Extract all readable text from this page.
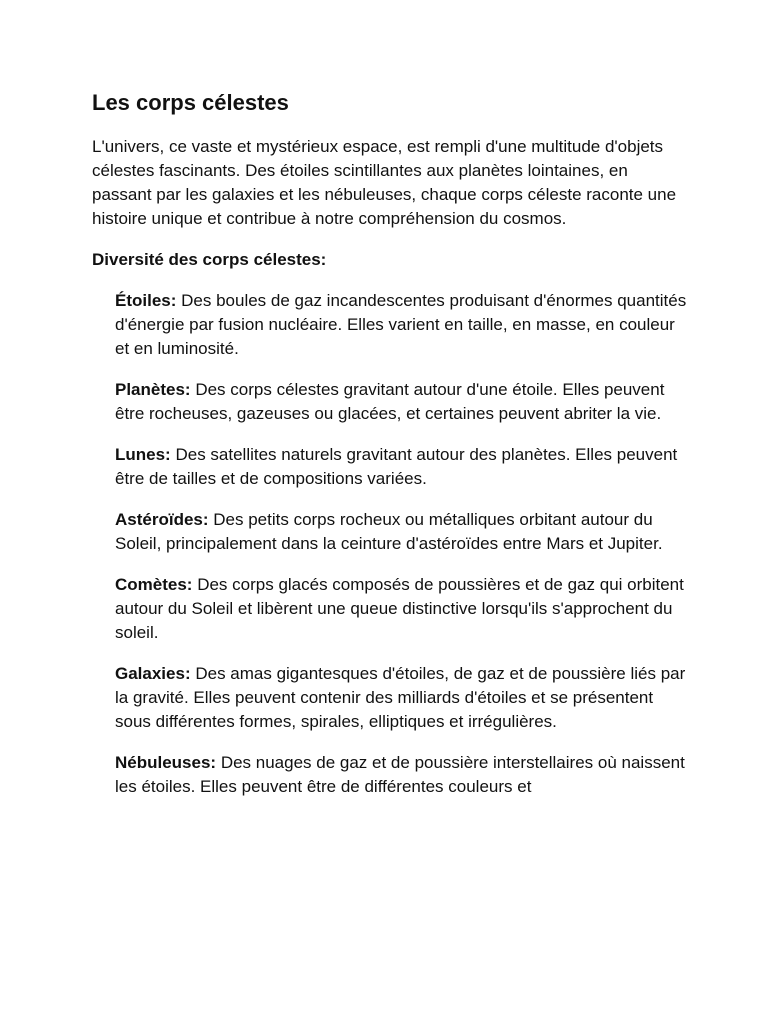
Les corps célestes

L'univers, ce vaste et mystérieux espace, est rempli d'une multitude d'objets célestes fascinants. Des étoiles scintillantes aux planètes lointaines, en passant par les galaxies et les nébuleuses, chaque corps céleste raconte une histoire unique et contribue à notre compréhension du cosmos.

Diversité des corps célestes:

Étoiles: Des boules de gaz incandescentes produisant d'énormes quantités d'énergie par fusion nucléaire. Elles varient en taille, en masse, en couleur et en luminosité.
Planètes: Des corps célestes gravitant autour d'une étoile. Elles peuvent être rocheuses, gazeuses ou glacées, et certaines peuvent abriter la vie.
Lunes: Des satellites naturels gravitant autour des planètes. Elles peuvent être de tailles et de compositions variées.
Astéroïdes: Des petits corps rocheux ou métalliques orbitant autour du Soleil, principalement dans la ceinture d'astéroïdes entre Mars et Jupiter.
Comètes: Des corps glacés composés de poussières et de gaz qui orbitent autour du Soleil et libèrent une queue distinctive lorsqu'ils s'approchent du soleil.
Galaxies: Des amas gigantesques d'étoiles, de gaz et de poussière liés par la gravité. Elles peuvent contenir des milliards d'étoiles et se présentent sous différentes formes, spirales, elliptiques et irrégulières.
Nébuleuses: Des nuages de gaz et de poussière interstellaires où naissent les étoiles. Elles peuvent être de différentes couleurs et
